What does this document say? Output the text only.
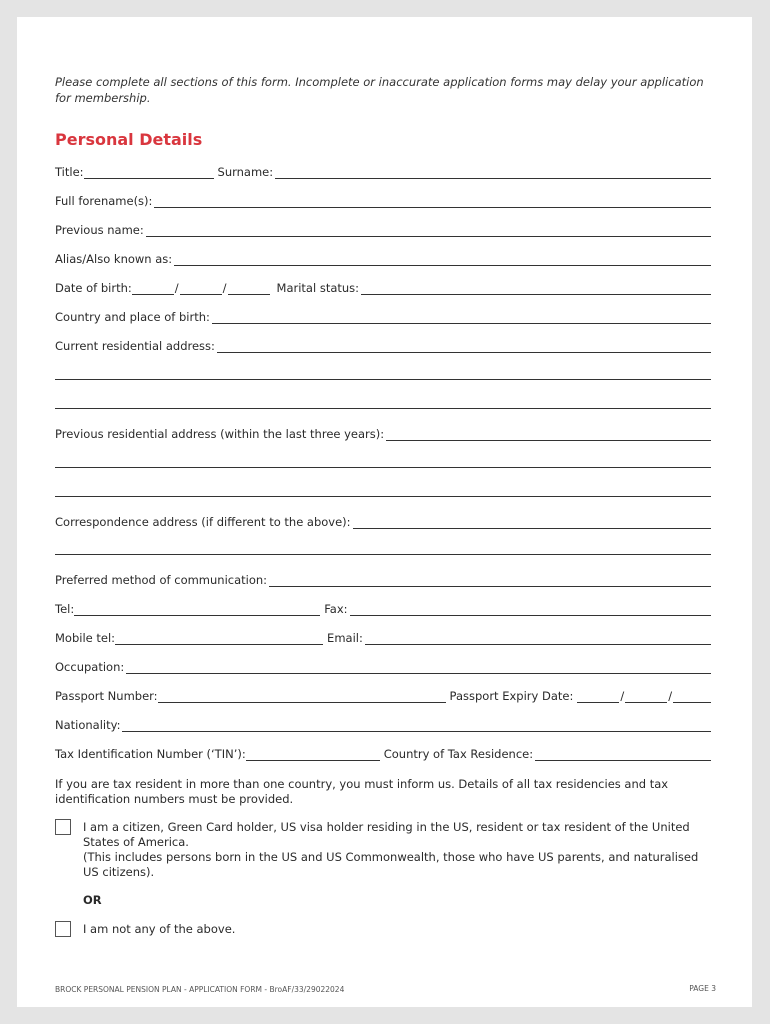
Please complete all sections of this form. Incomplete or inaccurate application forms may delay your application for membership.
Personal Details
Title:	Surname:
Full forename(s):
Previous name:
Alias/Also known as:
Date of birth:	/	/	Marital status:
Country and place of birth:
Current residential address:
Previous residential address (within the last three years):
Correspondence address (if different to the above):
Preferred method of communication:
Tel:	Fax:
Mobile tel:	Email:
Occupation:
Passport Number:	Passport Expiry Date:	/	/
Nationality:
Tax Identification Number (‘TIN’):	Country of Tax Residence:
If you are tax resident in more than one country, you must inform us. Details of all tax residencies and tax identification numbers must be provided.
I am a citizen, Green Card holder, US visa holder residing in the US, resident or tax resident of the United States of America.
(This includes persons born in the US and US Commonwealth, those who have US parents, and naturalised US citizens).
OR
I am not any of the above.
BROCK PERSONAL PENSION PLAN - APPLICATION FORM - BroAF/33/29022024	PAGE 3
